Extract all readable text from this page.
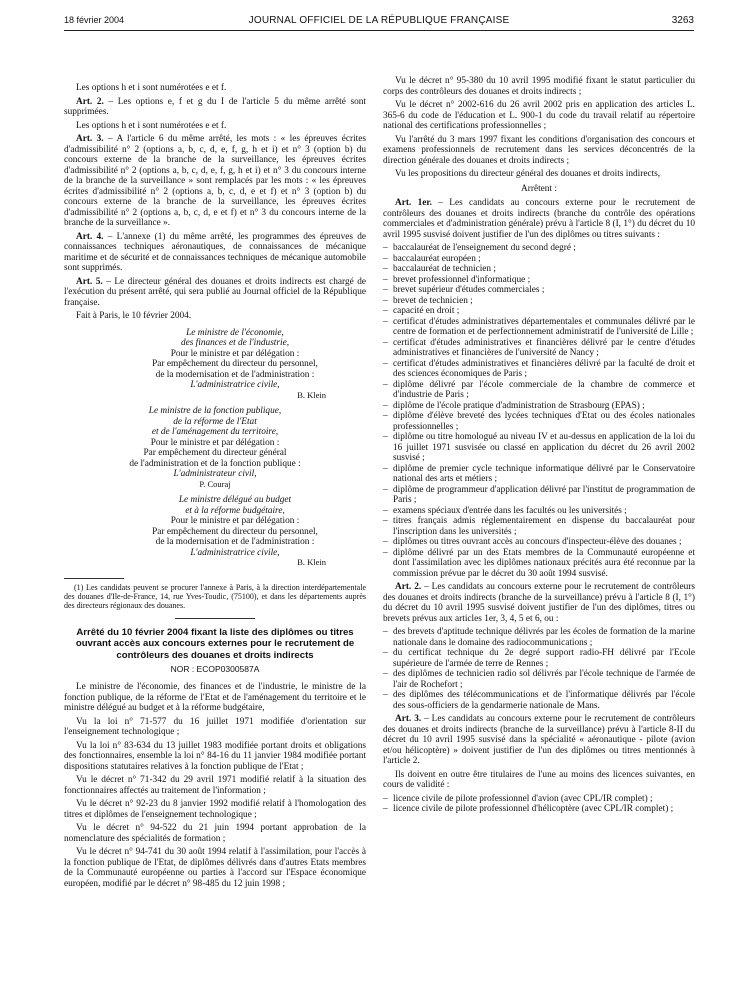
18 février 2004	JOURNAL OFFICIEL DE LA RÉPUBLIQUE FRANÇAISE	3263

Les options h et i sont numérotées e et f.

Art. 2. – Les options e, f et g du I de l'article 5 du même arrêté sont supprimées.

Les options h et i sont numérotées e et f.

Art. 3. – A l'article 6 du même arrêté, les mots : « les épreuves écrites d'admissibilité n° 2 (options a, b, c, d, e, f, g, h et i) et n° 3 (option b) du concours externe de la branche de la surveillance, les épreuves écrites d'admissibilité n° 2 (options a, b, c, d, e, f, g, h et i) et n° 3 du concours interne de la branche de la surveillance » sont remplacés par les mots : « les épreuves écrites d'admissibilité n° 2 (options a, b, c, d, e et f) et n° 3 (option b) du concours externe de la branche de la surveillance, les épreuves écrites d'admissibilité n° 2 (options a, b, c, d, e et f) et n° 3 du concours interne de la branche de la surveillance ».

Art. 4. – L'annexe (1) du même arrêté, les programmes des épreuves de connaissances techniques aéronautiques, de connaissances de mécanique maritime et de sécurité et de connaissances techniques de mécanique automobile sont supprimés.

Art. 5. – Le directeur général des douanes et droits indirects est chargé de l'exécution du présent arrêté, qui sera publié au Journal officiel de la République française.

Fait à Paris, le 10 février 2004.

Le ministre de l'économie,

des finances et de l'industrie,

Pour le ministre et par délégation :

Par empêchement du directeur du personnel,

de la modernisation et de l'administration :

L'administratrice civile,

B. Klein

Le ministre de la fonction publique,

de la réforme de l'Etat

et de l'aménagement du territoire,

Pour le ministre et par délégation :

Par empêchement du directeur général

de l'administration et de la fonction publique :

L'administrateur civil,

P. Couraj

Le ministre délégué au budget

et à la réforme budgétaire,

Pour le ministre et par délégation :

Par empêchement du directeur du personnel,

de la modernisation et de l'administration :

L'administratrice civile,

B. Klein

(1) Les candidats peuvent se procurer l'annexe à Paris, à la direction interdépartementale des douanes d'Ile-de-France, 14, rue Yves-Toudic, (75100), et dans les départements auprès des directeurs régionaux des douanes.

Arrêté du 10 février 2004 fixant la liste des diplômes ou titres ouvrant accès aux concours externes pour le recrutement de contrôleurs des douanes et droits indirects

NOR : ECOP0300587A

Le ministre de l'économie, des finances et de l'industrie, le ministre de la fonction publique, de la réforme de l'Etat et de l'aménagement du territoire et le ministre délégué au budget et à la réforme budgétaire,

Vu la loi n° 71-577 du 16 juillet 1971 modifiée d'orientation sur l'enseignement technologique ;

Vu la loi n° 83-634 du 13 juillet 1983 modifiée portant droits et obligations des fonctionnaires, ensemble la loi n° 84-16 du 11 janvier 1984 modifiée portant dispositions statutaires relatives à la fonction publique de l'Etat ;

Vu le décret n° 71-342 du 29 avril 1971 modifié relatif à la situation des fonctionnaires affectés au traitement de l'information ;

Vu le décret n° 92-23 du 8 janvier 1992 modifié relatif à l'homologation des titres et diplômes de l'enseignement technologique ;

Vu le décret n° 94-522 du 21 juin 1994 portant approbation de la nomenclature des spécialités de formation ;

Vu le décret n° 94-741 du 30 août 1994 relatif à l'assimilation, pour l'accès à la fonction publique de l'Etat, de diplômes délivrés dans d'autres Etats membres de la Communauté européenne ou parties à l'accord sur l'Espace économique européen, modifié par le décret n° 98-485 du 12 juin 1998 ;

Vu le décret n° 95-380 du 10 avril 1995 modifié fixant le statut particulier du corps des contrôleurs des douanes et droits indirects ;

Vu le décret n° 2002-616 du 26 avril 2002 pris en application des articles L. 365-6 du code de l'éducation et L. 900-1 du code du travail relatif au répertoire national des certifications professionnelles ;

Vu l'arrêté du 3 mars 1997 fixant les conditions d'organisation des concours et examens professionnels de recrutement dans les services déconcentrés de la direction générale des douanes et droits indirects ;

Vu les propositions du directeur général des douanes et droits indirects,

Arrêtent :

Art. 1er. – Les candidats au concours externe pour le recrutement de contrôleurs des douanes et droits indirects (branche du contrôle des opérations commerciales et d'administration générale) prévu à l'article 8 (I, 1°) du décret du 10 avril 1995 susvisé doivent justifier de l'un des diplômes ou titres suivants :

– baccalauréat de l'enseignement du second degré ;
– baccalauréat européen ;
– baccalauréat de technicien ;
– brevet professionnel d'informatique ;
– brevet supérieur d'études commerciales ;
– brevet de technicien ;
– capacité en droit ;
– certificat d'études administratives départementales et communales délivré par le centre de formation et de perfectionnement administratif de l'université de Lille ;
– certificat d'études administratives et financières délivré par le centre d'études administratives et financières de l'université de Nancy ;
– certificat d'études administratives et financières délivré par la faculté de droit et des sciences économiques de Paris ;
– diplôme délivré par l'école commerciale de la chambre de commerce et d'industrie de Paris ;
– diplôme de l'école pratique d'administration de Strasbourg (EPAS) ;
– diplôme d'élève breveté des lycées techniques d'Etat ou des écoles nationales professionnelles ;
– diplôme ou titre homologué au niveau IV et au-dessus en application de la loi du 16 juillet 1971 susvisée ou classé en application du décret du 26 avril 2002 susvisé ;
– diplôme de premier cycle technique informatique délivré par le Conservatoire national des arts et métiers ;
– diplôme de programmeur d'application délivré par l'institut de programmation de Paris ;
– examens spéciaux d'entrée dans les facultés ou les universités ;
– titres français admis réglementairement en dispense du baccalauréat pour l'inscription dans les universités ;
– diplômes ou titres ouvrant accès au concours d'inspecteur-élève des douanes ;
– diplôme délivré par un des Etats membres de la Communauté européenne et dont l'assimilation avec les diplômes nationaux précités aura été reconnue par la commission prévue par le décret du 30 août 1994 susvisé.

Art. 2. – Les candidats au concours externe pour le recrutement de contrôleurs des douanes et droits indirects (branche de la surveillance) prévu à l'article 8 (I, 1°) du décret du 10 avril 1995 susvisé doivent justifier de l'un des diplômes, titres ou brevets prévus aux articles 1er, 3, 4, 5 et 6, ou :

– des brevets d'aptitude technique délivrés par les écoles de formation de la marine nationale dans le domaine des radiocommunications ;
– du certificat technique du 2e degré support radio-FH délivré par l'Ecole supérieure de l'armée de terre de Rennes ;
– des diplômes de technicien radio sol délivrés par l'école technique de l'armée de l'air de Rochefort ;
– des diplômes des télécommunications et de l'informatique délivrés par l'école des sous-officiers de la gendarmerie nationale de Mans.

Art. 3. – Les candidats au concours externe pour le recrutement de contrôleurs des douanes et droits indirects (branche de la surveillance) prévu à l'article 8-II du décret du 10 avril 1995 susvisé dans la spécialité « aéronautique - pilote (avion et/ou hélicoptère) » doivent justifier de l'un des diplômes ou titres mentionnés à l'article 2.

Ils doivent en outre être titulaires de l'une au moins des licences suivantes, en cours de validité :

– licence civile de pilote professionnel d'avion (avec CPL/IR complet) ;
– licence civile de pilote professionnel d'hélicoptère (avec CPL/IR complet) ;
